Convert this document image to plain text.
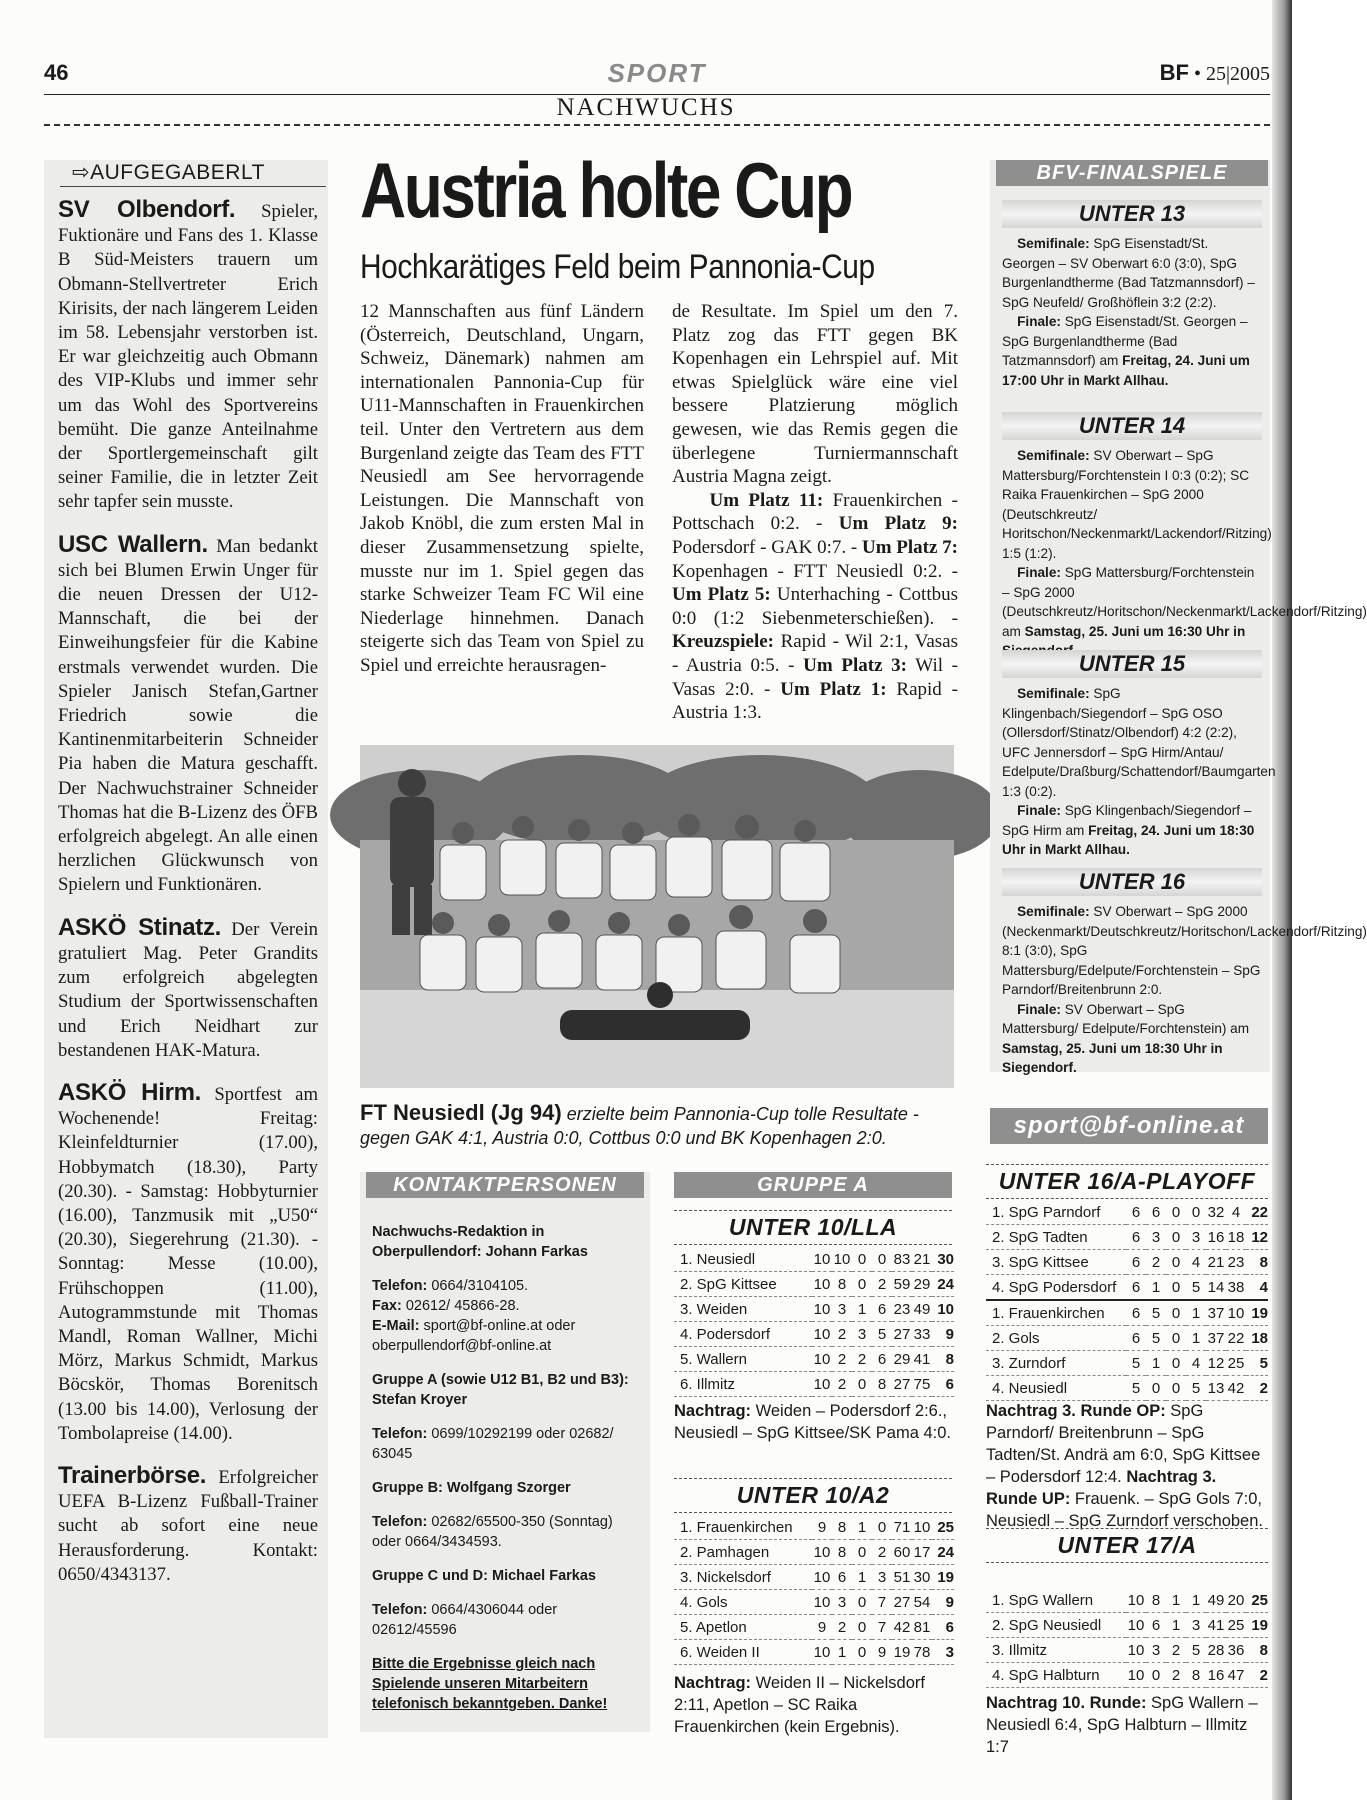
46	SPORT	BF • 25|2005
NACHWUCHS
⇨AUFGEGABERLT

SV Olbendorf. Spieler, Fuktionäre und Fans des 1. Klasse B Süd-Meisters trauern um Obmann-Stellvertreter Erich Kirisits, der nach längerem Leiden im 58. Lebensjahr verstorben ist. Er war gleichzeitig auch Obmann des VIP-Klubs und immer sehr um das Wohl des Sportvereins bemüht. Die ganze Anteilnahme der Sportlergemeinschaft gilt seiner Familie, die in letzter Zeit sehr tapfer sein musste.

USC Wallern. Man bedankt sich bei Blumen Erwin Unger für die neuen Dressen der U12-Mannschaft, die bei der Einweihungsfeier für die Kabine erstmals verwendet wurden. Die Spieler Janisch Stefan,Gartner Friedrich sowie die Kantinenmitarbeiterin Schneider Pia haben die Matura geschafft. Der Nachwuchstrainer Schneider Thomas hat die B-Lizenz des ÖFB erfolgreich abgelegt. An alle einen herzlichen Glückwunsch von Spielern und Funktionären.

ASKÖ Stinatz. Der Verein gratuliert Mag. Peter Grandits zum erfolgreich abgelegten Studium der Sportwissenschaften und Erich Neidhart zur bestandenen HAK-Matura.

ASKÖ Hirm. Sportfest am Wochenende! Freitag: Kleinfeldturnier (17.00), Hobbymatch (18.30), Party (20.30). - Samstag: Hobbyturnier (16.00), Tanzmusik mit „U50“ (20.30), Siegerehrung (21.30). - Sonntag: Messe (10.00), Frühschoppen (11.00), Autogrammstunde mit Thomas Mandl, Roman Wallner, Michi Mörz, Markus Schmidt, Markus Böcskör, Thomas Borenitsch (13.00 bis 14.00), Verlosung der Tombolapreise (14.00).

Trainerbörse. Erfolgreicher UEFA B-Lizenz Fußball-Trainer sucht ab sofort eine neue Herausforderung. Kontakt: 0650/4343137.

Austria holte Cup
Hochkarätiges Feld beim Pannonia-Cup
12 Mannschaften aus fünf Ländern (Österreich, Deutschland, Ungarn, Schweiz, Dänemark) nahmen am internationalen Pannonia-Cup für U11-Mannschaften in Frauenkirchen teil. Unter den Vertretern aus dem Burgenland zeigte das Team des FTT Neusiedl am See hervorragende Leistungen. Die Mannschaft von Jakob Knöbl, die zum ersten Mal in dieser Zusammensetzung spielte, musste nur im 1. Spiel gegen das starke Schweizer Team FC Wil eine Niederlage hinnehmen. Danach steigerte sich das Team von Spiel zu Spiel und erreichte herausragen-
de Resultate. Im Spiel um den 7. Platz zog das FTT gegen BK Kopenhagen ein Lehrspiel auf. Mit etwas Spielglück wäre eine viel bessere Platzierung möglich gewesen, wie das Remis gegen die überlegene Turniermannschaft Austria Magna zeigt.
Um Platz 11: Frauenkirchen - Pottschach 0:2. - Um Platz 9: Podersdorf - GAK 0:7. - Um Platz 7: Kopenhagen - FTT Neusiedl 0:2. - Um Platz 5: Unterhaching - Cottbus 0:0 (1:2 Siebenmeterschießen). - Kreuzspiele: Rapid - Wil 2:1, Vasas - Austria 0:5. - Um Platz 3: Wil - Vasas 2:0. - Um Platz 1: Rapid - Austria 1:3.
FT Neusiedl (Jg 94) erzielte beim Pannonia-Cup tolle Resultate - gegen GAK 4:1, Austria 0:0, Cottbus 0:0 und BK Kopenhagen 2:0.
KONTAKTPERSONEN

Nachwuchs-Redaktion in Oberpullendorf: Johann Farkas

Telefon: 0664/3104105.
Fax: 02612/ 45866-28.
E-Mail: sport@bf-online.at oder oberpullendorf@bf-online.at

Gruppe A (sowie U12 B1, B2 und B3): Stefan Kroyer

Telefon: 0699/10292199 oder 02682/ 63045

Gruppe B: Wolfgang Szorger

Telefon: 02682/65500-350 (Sonntag) oder 0664/3434593.

Gruppe C und D: Michael Farkas

Telefon: 0664/4306044 oder 02612/45596

Bitte die Ergebnisse gleich nach Spielende unseren Mitarbeitern telefonisch bekanntgeben. Danke!

GRUPPE A
UNTER 10/LLA
1. Neusiedl	10	10	0	0	83	21	30
2. SpG Kittsee	10	8	0	2	59	29	24
3. Weiden	10	3	1	6	23	49	10
4. Podersdorf	10	2	3	5	27	33	9
5. Wallern	10	2	2	6	29	41	8
6. Illmitz	10	2	0	8	27	75	6
Nachtrag: Weiden – Podersdorf 2:6., Neusiedl – SpG Kittsee/SK Pama 4:0.
UNTER 10/A2
1. Frauenkirchen	9	8	1	0	71	10	25
2. Pamhagen	10	8	0	2	60	17	24
3. Nickelsdorf	10	6	1	3	51	30	19
4. Gols	10	3	0	7	27	54	9
5. Apetlon	9	2	0	7	42	81	6
6. Weiden II	10	1	0	9	19	78	3
Nachtrag: Weiden II – Nickelsdorf 2:11, Apetlon – SC Raika Frauenkirchen (kein Ergebnis).
BFV-FINALSPIELE
UNTER 13
Semifinale: SpG Eisenstadt/St. Georgen – SV Oberwart 6:0 (3:0), SpG Burgenlandtherme (Bad Tatzmannsdorf) – SpG Neufeld/ Großhöflein 3:2 (2:2).
Finale: SpG Eisenstadt/St. Georgen – SpG Burgenlandtherme (Bad Tatzmannsdorf) am Freitag, 24. Juni um 17:00 Uhr in Markt Allhau.
UNTER 14
Semifinale: SV Oberwart – SpG Mattersburg/Forchtenstein I 0:3 (0:2); SC Raika Frauenkirchen – SpG 2000 (Deutschkreutz/ Horitschon/Neckenmarkt/Lackendorf/Ritzing) 1:5 (1:2).
Finale: SpG Mattersburg/Forchtenstein – SpG 2000 (Deutschkreutz/Horitschon/Neckenmarkt/Lackendorf/Ritzing) am Samstag, 25. Juni um 16:30 Uhr in
UNTER 15
Semifinale: SpG Klingenbach/Siegendorf – SpG OSO (Ollersdorf/Stinatz/Olbendorf) 4:2 (2:2), UFC Jennersdorf – SpG Hirm/Antau/ Edelpute/Draßburg/Schattendorf/Baumgarten 1:3 (0:2).
Finale: SpG Klingenbach/Siegendorf – SpG Hirm am Freitag, 24. Juni um 18:30 Uhr in Markt Allhau.
UNTER 16
Semifinale: SV Oberwart – SpG 2000 (Neckenmarkt/Deutschkreutz/Horitschon/Lackendorf/Ritzing) 8:1 (3:0), SpG Mattersburg/Edelpute/Forchtenstein – SpG Parndorf/Breitenbrunn 2:0.
Finale: SV Oberwart – SpG Mattersburg/ Edelpute/Forchtenstein) am Samstag, 25. Juni um 18:30 Uhr in Siegendorf.
sport@bf-online.at
UNTER 16/A-PLAYOFF
1. SpG Parndorf	6	6	0	0	32	4	22
2. SpG Tadten	6	3	0	3	16	18	12
3. SpG Kittsee	6	2	0	4	21	23	8
4. SpG Podersdorf	6	1	0	5	14	38	4
1. Frauenkirchen	6	5	0	1	37	10	19
2. Gols	6	5	0	1	37	22	18
3. Zurndorf	5	1	0	4	12	25	5
4. Neusiedl	5	0	0	5	13	42	2
Nachtrag 3. Runde OP: SpG Parndorf/ Breitenbrunn – SpG Tadten/St. Andrä am 6:0, SpG Kittsee – Podersdorf 12:4. Nachtrag 3. Runde UP: Frauenk. – SpG Gols 7:0, Neusiedl – SpG Zurndorf verschoben.
UNTER 17/A
1. SpG Wallern	10	8	1	1	49	20	25
2. SpG Neusiedl	10	6	1	3	41	25	19
3. Illmitz	10	3	2	5	28	36	8
4. SpG Halbturn	10	0	2	8	16	47	2
Nachtrag 10. Runde: SpG Wallern – Neusiedl 6:4, SpG Halbturn – Illmitz 1:7
